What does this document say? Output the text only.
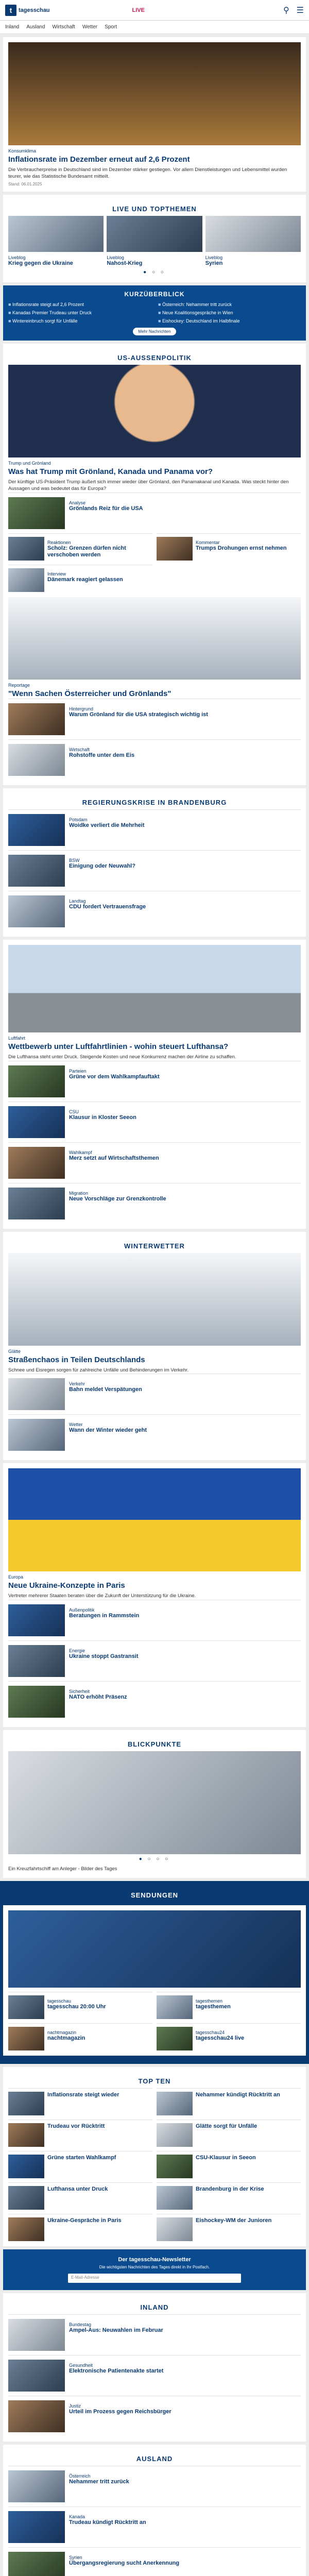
t	tagesschau	LIVE	⚲ ☰
Inland Ausland Wirtschaft Wetter Sport
Konsumklima
Inflationsrate im Dezember erneut auf 2,6 Prozent
Die Verbraucherpreise in Deutschland sind im Dezember stärker gestiegen. Vor allem Dienstleistungen und Lebensmittel wurden teurer, wie das Statistische Bundesamt mitteilt.
Stand: 06.01.2025
LIVE UND TOPTHEMEN
Liveblog
Krieg gegen die Ukraine
Liveblog
Nahost-Krieg
Liveblog
Syrien
● ○ ○
KURZÜBERBLICK
■ Inflationsrate steigt auf 2,6 Prozent	■ Österreich: Nehammer tritt zurück
■ Kanadas Premier Trudeau unter Druck	■ Neue Koalitionsgespräche in Wien
■ Wintereinbruch sorgt für Unfälle	■ Eishockey: Deutschland im Halbfinale
Mehr Nachrichten
US-AUSSENPOLITIK
Trump und Grönland
Was hat Trump mit Grönland, Kanada und Panama vor?
Der künftige US-Präsident Trump äußert sich immer wieder über Grönland, den Panamakanal und Kanada. Was steckt hinter den Aussagen und was bedeutet das für Europa?
Analyse
Grönlands Reiz für die USA
Reaktionen
Scholz: Grenzen dürfen nicht verschoben werden
Kommentar
Trumps Drohungen ernst nehmen
Interview
Dänemark reagiert gelassen
Reportage
"Wenn Sachen Österreicher und Grönlands"
Hintergrund
Warum Grönland für die USA strategisch wichtig ist
Wirtschaft
Rohstoffe unter dem Eis
REGIERUNGSKRISE IN BRANDENBURG
Potsdam
Woidke verliert die Mehrheit
BSW
Einigung oder Neuwahl?
Landtag
CDU fordert Vertrauensfrage
Luftfahrt
Wettbewerb unter Luftfahrtlinien - wohin steuert Lufthansa?
Die Lufthansa steht unter Druck. Steigende Kosten und neue Konkurrenz machen der Airline zu schaffen.
Parteien
Grüne vor dem Wahlkampfauftakt
CSU
Klausur in Kloster Seeon
Wahlkampf
Merz setzt auf Wirtschaftsthemen
Migration
Neue Vorschläge zur Grenzkontrolle
WINTERWETTER
Glätte
Straßenchaos in Teilen Deutschlands
Schnee und Eisregen sorgen für zahlreiche Unfälle und Behinderungen im Verkehr.
Verkehr
Bahn meldet Verspätungen
Wetter
Wann der Winter wieder geht
Europa
Neue Ukraine-Konzepte in Paris
Vertreter mehrerer Staaten beraten über die Zukunft der Unterstützung für die Ukraine.
Außenpolitik
Beratungen in Rammstein
Energie
Ukraine stoppt Gastransit
Sicherheit
NATO erhöht Präsenz
BLICKPUNKTE
● ○ ○ ○
Ein Kreuzfahrtschiff am Anleger - Bilder des Tages
SENDUNGEN
tagesschau
tagesschau 20:00 Uhr
tagesthemen
tagesthemen
nachtmagazin
nachtmagazin
tagesschau24
tagesschau24 live
TOP TEN
Inflationsrate steigt wieder	Nehammer kündigt Rücktritt an
Trudeau vor Rücktritt	Glätte sorgt für Unfälle
Grüne starten Wahlkampf	CSU-Klausur in Seeon
Lufthansa unter Druck	Brandenburg in der Krise
Ukraine-Gespräche in Paris	Eishockey-WM der Junioren
Der tagesschau-Newsletter
Die wichtigsten Nachrichten des Tages direkt in Ihr Postfach.
E-Mail-Adresse
INLAND
Bundestag
Ampel-Aus: Neuwahlen im Februar
Gesundheit
Elektronische Patientenakte startet
Justiz
Urteil im Prozess gegen Reichsbürger
AUSLAND
Österreich
Nehammer tritt zurück
Kanada
Trudeau kündigt Rücktritt an
Syrien
Übergangsregierung sucht Anerkennung
